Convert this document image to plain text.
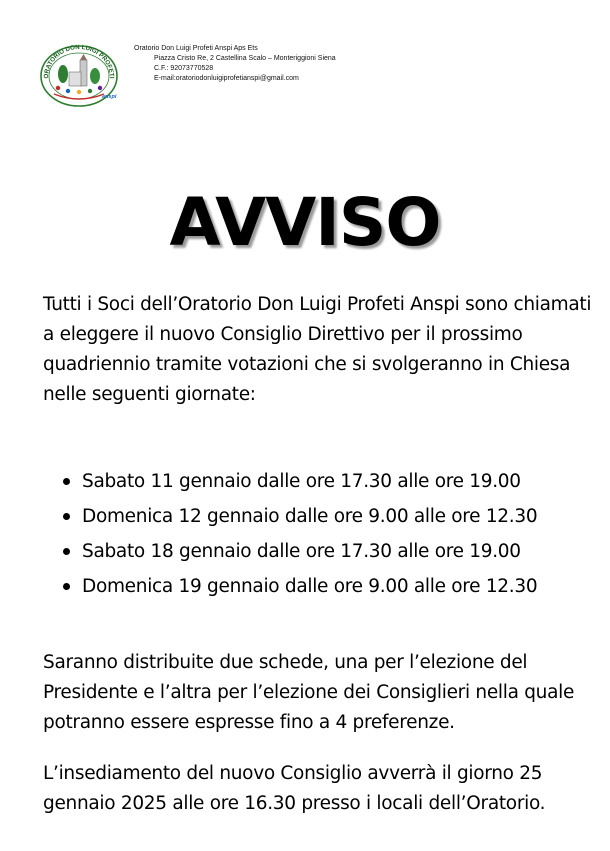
ORATORIO DON LUIGI PROFETI
anspi
Oratorio Don Luigi Profeti Anspi Aps Ets
Piazza Cristo Re, 2 Castellina Scalo – Monteriggioni Siena
C.F.: 92073770528
E-mail:oratoriodonluigiprofetianspi@gmail.com
AVVISO
Tutti i Soci dell’Oratorio Don Luigi Profeti Anspi sono chiamati a eleggere il nuovo Consiglio Direttivo per il prossimo quadriennio tramite votazioni che si svolgeranno in Chiesa nelle seguenti giornate:
Sabato 11 gennaio dalle ore 17.30 alle ore 19.00
Domenica 12 gennaio dalle ore 9.00 alle ore 12.30
Sabato 18 gennaio dalle ore 17.30 alle ore 19.00
Domenica 19 gennaio dalle ore 9.00 alle ore 12.30
Saranno distribuite due schede, una per l’elezione del Presidente e l’altra per l’elezione dei Consiglieri nella quale potranno essere espresse fino a 4 preferenze.
L’insediamento del nuovo Consiglio avverrà il giorno 25 gennaio 2025 alle ore 16.30 presso i locali dell’Oratorio.
